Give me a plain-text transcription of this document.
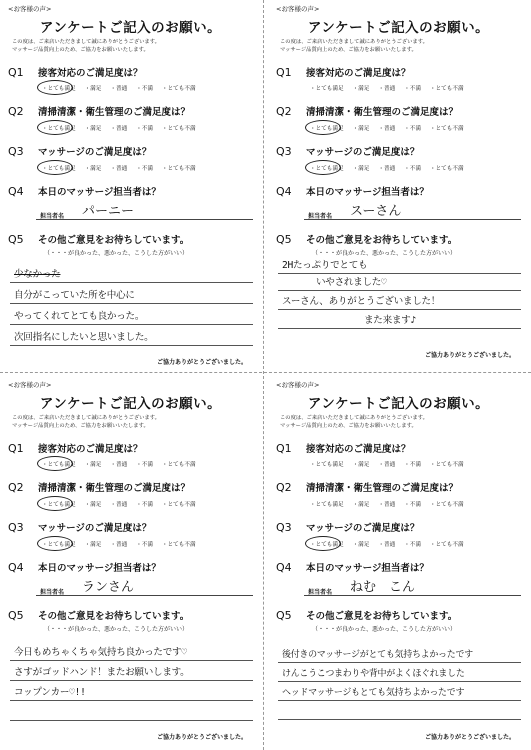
<お客様の声>
アンケートご記入のお願い。
この度は、ご来店いただきまして誠にありがとうございます。
マッサージ品質向上のため、ご協力をお願いいたします。
Q1 接客対応のご満足度は？
・とても満足 ・満足 ・普通 ・不満 ・とても不満
Q2 清掃清潔・衛生管理のご満足度は？
・とても満足 ・満足 ・普通 ・不満 ・とても不満
Q3 マッサージのご満足度は？
・とても満足 ・満足 ・普通 ・不満 ・とても不満
Q4 本日のマッサージ担当者は？
担当者名 パーニー
Q5 その他ご意見をお待ちしています。
（・・・が良かった、悪かった、こうした方がいい）
少なかった
自分がこっていた所を中心に
やってくれてとても良かった。
次回指名にしたいと思いました。
ご協力ありがとうございました。
<お客様の声>
アンケートご記入のお願い。
この度は、ご来店いただきまして誠にありがとうございます。
マッサージ品質向上のため、ご協力をお願いいたします。
Q1 接客対応のご満足度は？
・とても満足 ・満足 ・普通 ・不満 ・とても不満
Q2 清掃清潔・衛生管理のご満足度は？
・とても満足 ・満足 ・普通 ・不満 ・とても不満
Q3 マッサージのご満足度は？
・とても満足 ・満足 ・普通 ・不満 ・とても不満
Q4 本日のマッサージ担当者は？
担当者名 スーさん
Q5 その他ご意見をお待ちしています。
（・・・が良かった、悪かった、こうした方がいい）
2Hたっぷりでとても
いやされました♡
スーさん、ありがとうございました！
また来ます♪
ご協力ありがとうございました。
<お客様の声>
アンケートご記入のお願い。
この度は、ご来店いただきまして誠にありがとうございます。
マッサージ品質向上のため、ご協力をお願いいたします。
Q1 接客対応のご満足度は？
・とても満足 ・満足 ・普通 ・不満 ・とても不満
Q2 清掃清潔・衛生管理のご満足度は？
・とても満足 ・満足 ・普通 ・不満 ・とても不満
Q3 マッサージのご満足度は？
・とても満足 ・満足 ・普通 ・不満 ・とても不満
Q4 本日のマッサージ担当者は？
担当者名 ランさん
Q5 その他ご意見をお待ちしています。
（・・・が良かった、悪かった、こうした方がいい）
今日もめちゃくちゃ気持ち良かったです♡
さすがゴッドハンド！またお願いします。
コップンカー♡!!
ご協力ありがとうございました。
<お客様の声>
アンケートご記入のお願い。
この度は、ご来店いただきまして誠にありがとうございます。
マッサージ品質向上のため、ご協力をお願いいたします。
Q1 接客対応のご満足度は？
・とても満足 ・満足 ・普通 ・不満 ・とても不満
Q2 清掃清潔・衛生管理のご満足度は？
・とても満足 ・満足 ・普通 ・不満 ・とても不満
Q3 マッサージのご満足度は？
・とても満足 ・満足 ・普通 ・不満 ・とても不満
Q4 本日のマッサージ担当者は？
担当者名 ねむ　こん
Q5 その他ご意見をお待ちしています。
（・・・が良かった、悪かった、こうした方がいい）
後付きのマッサージがとても気持ちよかったです
けんこうこつまわりや背中がよくほぐれました
ヘッドマッサージもとても気持ちよかったです
ご協力ありがとうございました。
